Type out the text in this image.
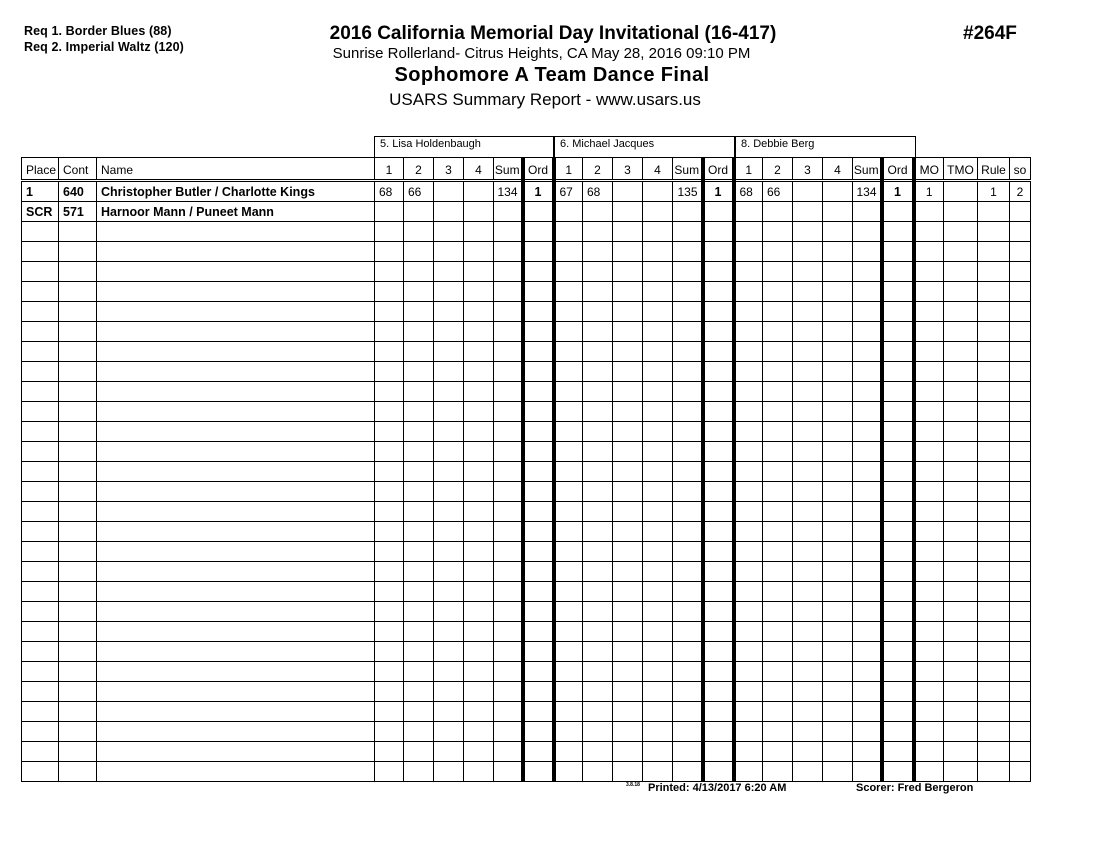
Req 1. Border Blues (88)
Req 2. Imperial Waltz (120)
2016 California Memorial Day Invitational (16-417)
Sunrise Rollerland- Citrus Heights, CA May 28, 2016 09:10 PM
Sophomore A Team Dance Final
USARS Summary Report - www.usars.us
#264F
5. Lisa Holdenbaugh	6. Michael Jacques	8. Debbie Berg
Place	Cont	Name	1	2	3	4	Sum	Ord	1	2	3	4	Sum	Ord	1	2	3	4	Sum	Ord	MO	TMO	Rule	so
1	640	Christopher Butler / Charlotte Kings	68	66			134	1	67	68			135	1	68	66			134	1	1		1	2
SCR	571	Harnoor Mann / Puneet Mann																						

3.8.18 Printed: 4/13/2017 6:20 AM	Scorer: Fred Bergeron
